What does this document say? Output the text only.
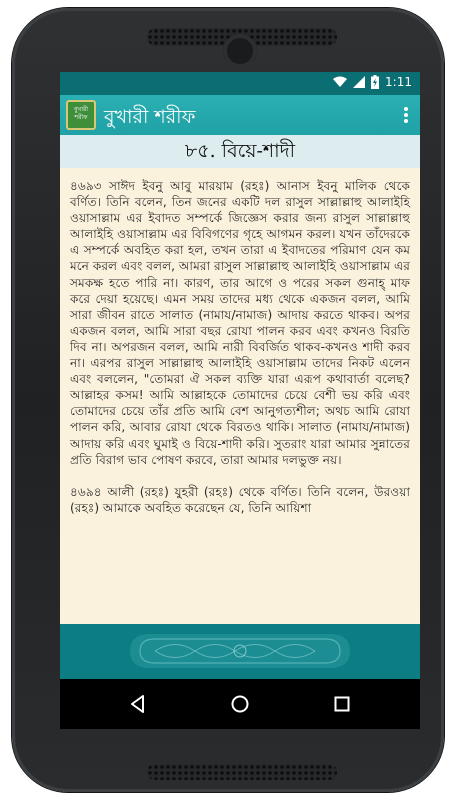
1:11
বুখারী
শরীফ বুখারী শরীফ
৮৫. বিয়ে-শাদী

৪৬৯৩ সাঈদ ইবনু আবু মারয়াম (রহঃ) আনাস ইবনু মালিক থেকে বর্ণিত। তিনি বলেন, তিন জনের একটি দল রাসুল সাল্লাল্লাহু আলাইহি ওয়াসাল্লাম এর ইবাদত সম্পর্কে জিজ্ঞেস করার জন্য রাসুল সাল্লাল্লাহু আলাইহি ওয়াসাল্লাম এর বিবিগণের গৃহে আগমন করল। যখন তাঁদেরকে এ সম্পর্কে অবহিত করা হল, তখন তারা এ ইবাদতের পরিমাণ যেন কম মনে করল এবং বলল, আমরা রাসুল সাল্লাল্লাহু আলাইহি ওয়াসাল্লাম এর সমকক্ষ হতে পারি না। কারণ, তার আগে ও পরের সকল গুনাহ্ মাফ করে দেয়া হয়েছে। এমন সময় তাদের মধ্য থেকে একজন বলল, আমি সারা জীবন রাতে সালাত (নামায/নামাজ) আদায় করতে থাকব। অপর একজন বলল, আমি সারা বছর রোযা পালন করব এবং কখনও বিরতি দিব না। অপরজন বলল, আমি নারী বিবর্জিত থাকব-কখনও শাদী করব না। এরপর রাসুল সাল্লাল্লাহু আলাইহি ওয়াসাল্লাম তাদের নিকট এলেন এবং বললেন, "তোমরা ঐ সকল ব্যক্তি যারা এরূপ কথাবার্তা বলেছ? আল্লাহর কসম! আমি আল্লাহকে তোমাদের চেয়ে বেশী ভয় করি এবং তোমাদের চেয়ে তাঁর প্রতি আমি বেশ আনুগত্যশীল; অথচ আমি রোযা পালন করি, আবার রোযা থেকে বিরতও থাকি। সালাত (নামায/নামাজ) আদায় করি এবং ঘুমাই ও বিয়ে-শাদী করি। সুতরাং যারা আমার সুন্নাতের প্রতি বিরাগ ভাব পোষণ করবে, তারা আমার দলভুক্ত নয়।

৪৬৯৪ আলী (রহঃ) যুহরী (রহঃ) থেকে বর্ণিত। তিনি বলেন, উরওয়া (রহঃ) আমাকে অবহিত করেছেন যে, তিনি আয়িশা
